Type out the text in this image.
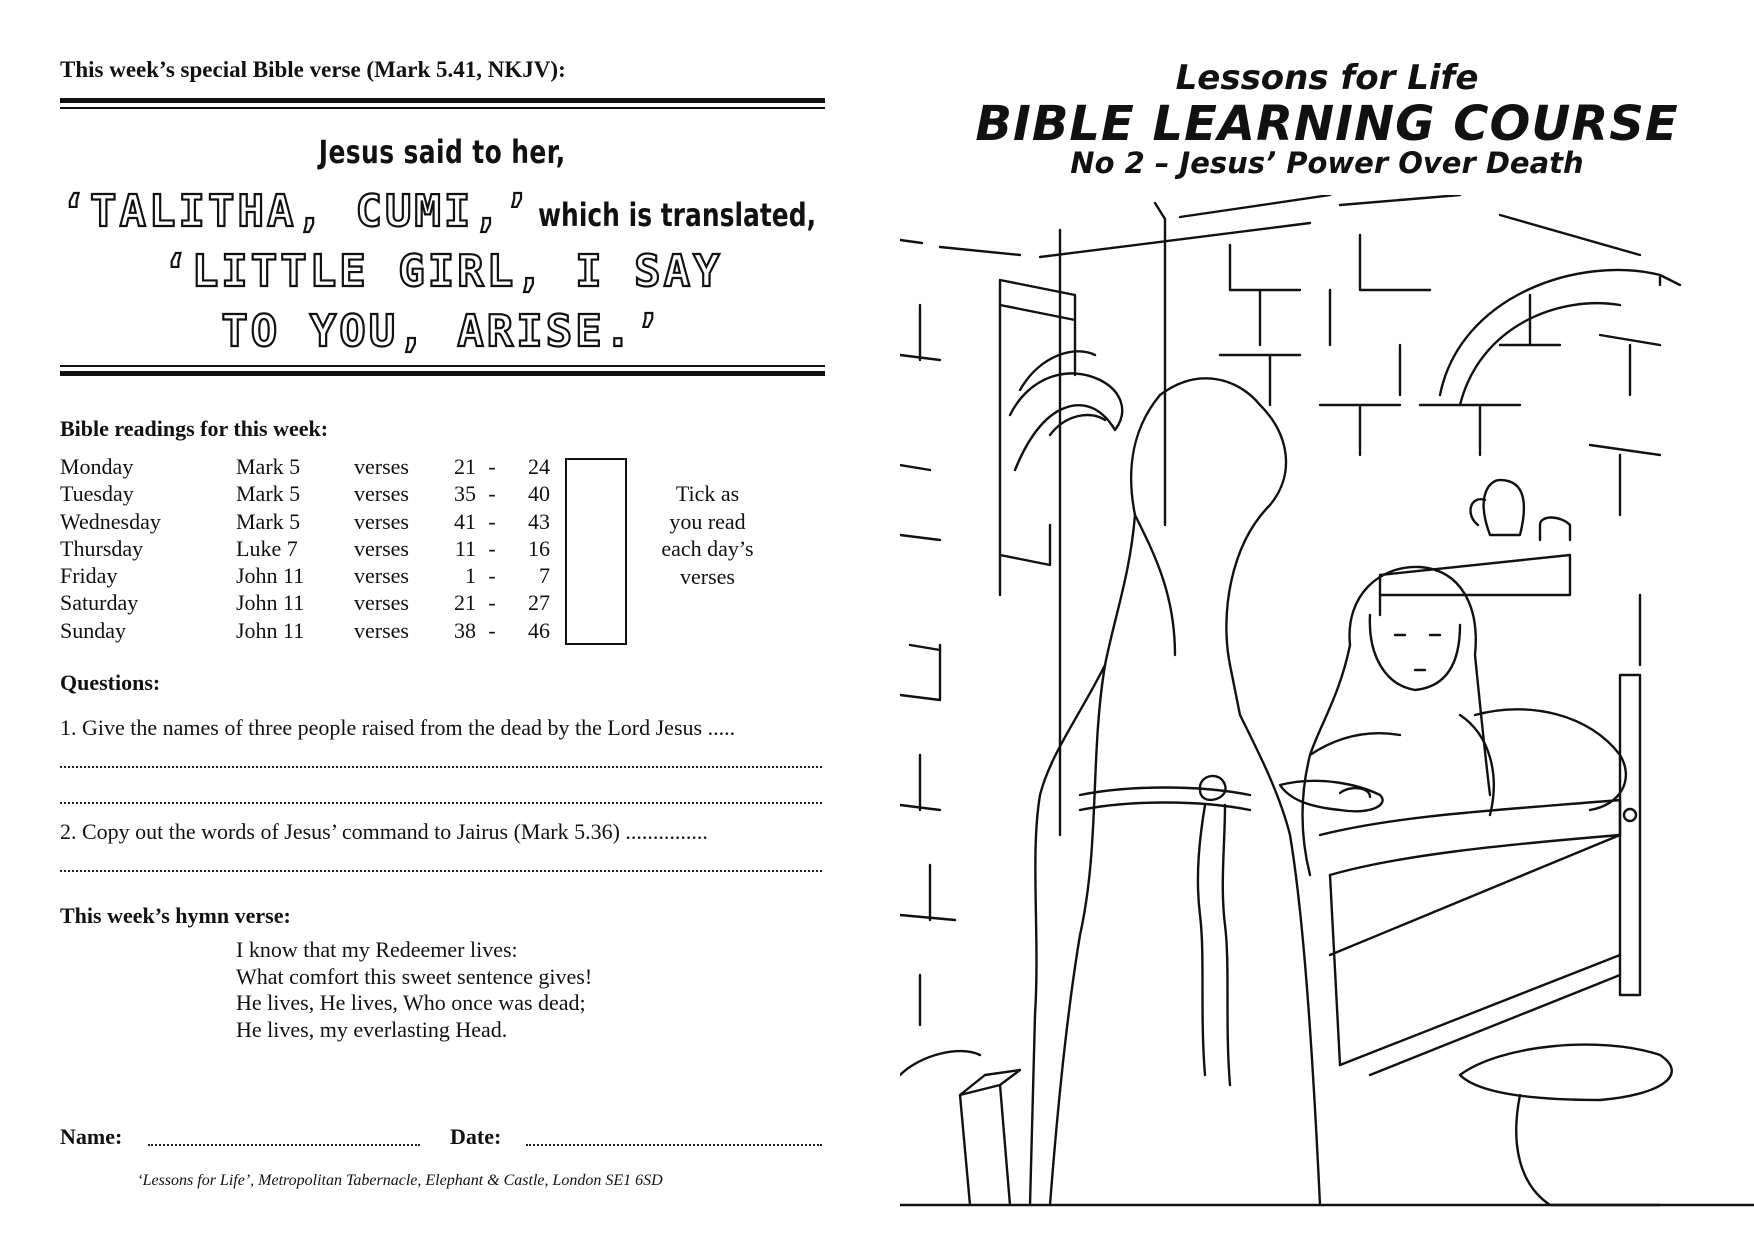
This week’s special Bible verse (Mark 5.41, NKJV):
Jesus said to her,
‘TALITHA, CUMI,’ which is translated,
‘LITTLE GIRL, I SAY
TO YOU, ARISE.’
Bible readings for this week:
Monday	Mark 5 verses	21 -	24
Tuesday	Mark 5 verses	35 -	40
Wednesday	Mark 5 verses	41 -	43
Thursday	Luke 7	verses	11 -	16
Friday	John 11 verses	1 -	7
Saturday	John 11 verses	21 -	27
Sunday	John 11 verses	38 -	46
Tick as
you read
each day’s
verses
Questions:
1. Give the names of three people raised from the dead by the Lord Jesus .....
2. Copy out the words of Jesus’ command to Jairus (Mark 5.36) ...............
This week’s hymn verse:
I know that my Redeemer lives:
What comfort this sweet sentence gives!
He lives, He lives, Who once was dead;
He lives, my everlasting Head.
Name:	Date:
‘Lessons for Life’, Metropolitan Tabernacle, Elephant & Castle, London SE1 6SD
Lessons for Life
BIBLE LEARNING COURSE
No 2 – Jesus’ Power Over Death
